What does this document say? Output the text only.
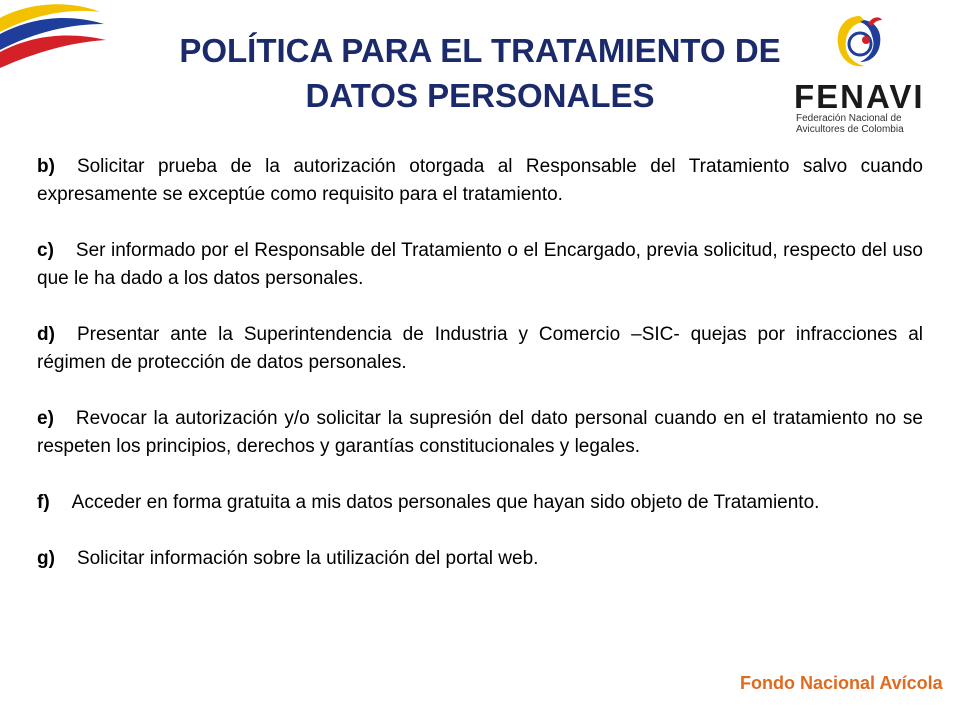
POLÍTICA PARA EL TRATAMIENTO DE
DATOS PERSONALES	FENAVI
Federación Nacional de
Avicultores de Colombia

b) Solicitar prueba de la autorización otorgada al Responsable del Tratamiento salvo cuando expresamente se exceptúe como requisito para el tratamiento.

c) Ser informado por el Responsable del Tratamiento o el Encargado, previa solicitud, respecto del uso que le ha dado a los datos personales.

d) Presentar ante la Superintendencia de Industria y Comercio –SIC- quejas por infracciones al régimen de protección de datos personales.

e) Revocar la autorización y/o solicitar la supresión del dato personal cuando en el tratamiento no se respeten los principios, derechos y garantías constitucionales y legales.

f) Acceder en forma gratuita a mis datos personales que hayan sido objeto de Tratamiento.

g) Solicitar información sobre la utilización del portal web.

Fondo Nacional Avícola
